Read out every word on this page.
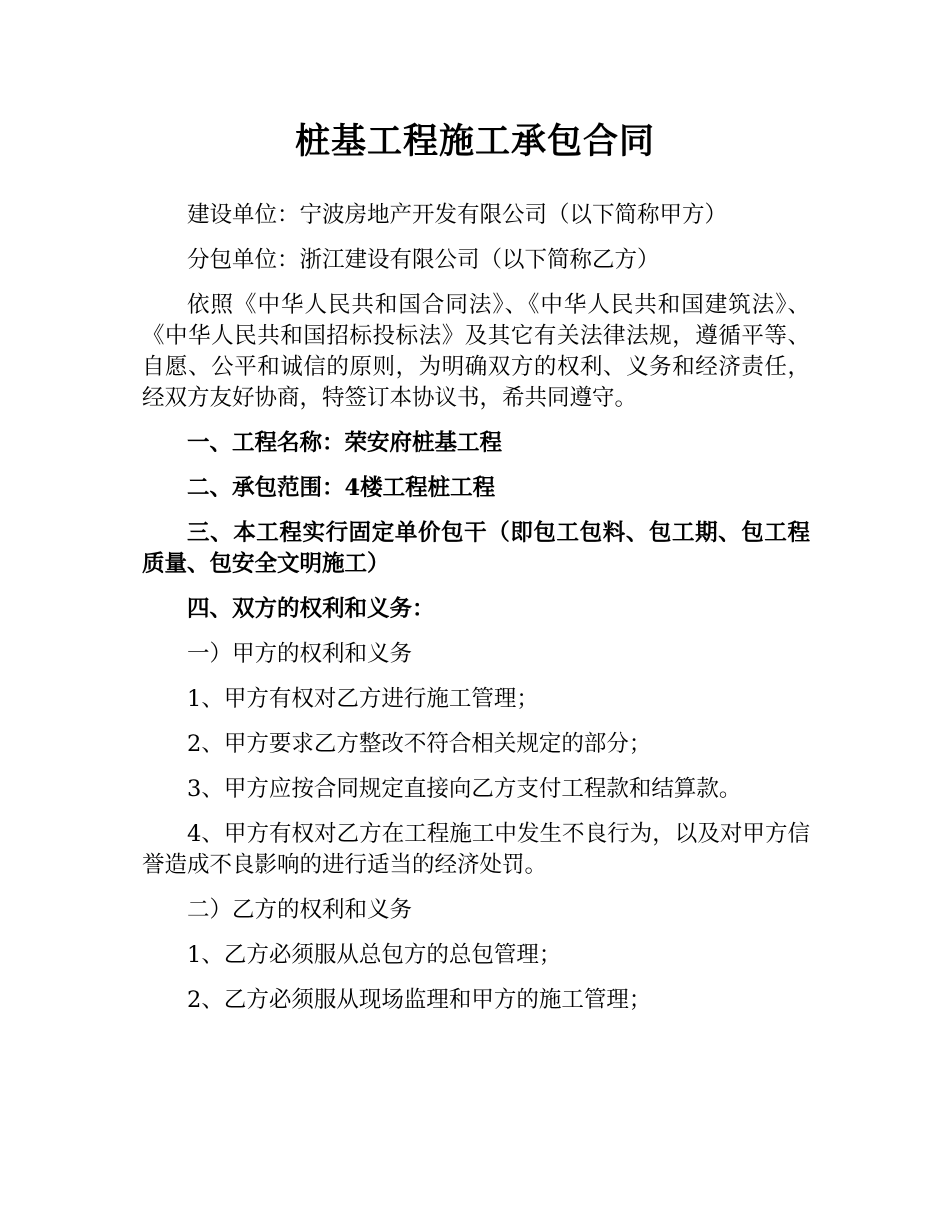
桩基工程施工承包合同

建设单位：宁波房地产开发有限公司（以下简称甲方）

分包单位：浙江建设有限公司（以下简称乙方）

依照《中华人民共和国合同法》、《中华人民共和国建筑法》、《中华人民共和国招标投标法》及其它有关法律法规，遵循平等、自愿、公平和诚信的原则，为明确双方的权利、义务和经济责任，经双方友好协商，特签订本协议书，希共同遵守。

一、工程名称：荣安府桩基工程

二、承包范围：4楼工程桩工程

三、本工程实行固定单价包干（即包工包料、包工期、包工程质量、包安全文明施工）

四、双方的权利和义务：

一）甲方的权利和义务

1、甲方有权对乙方进行施工管理；

2、甲方要求乙方整改不符合相关规定的部分；

3、甲方应按合同规定直接向乙方支付工程款和结算款。

4、甲方有权对乙方在工程施工中发生不良行为，以及对甲方信誉造成不良影响的进行适当的经济处罚。

二）乙方的权利和义务

1、乙方必须服从总包方的总包管理；

2、乙方必须服从现场监理和甲方的施工管理；
